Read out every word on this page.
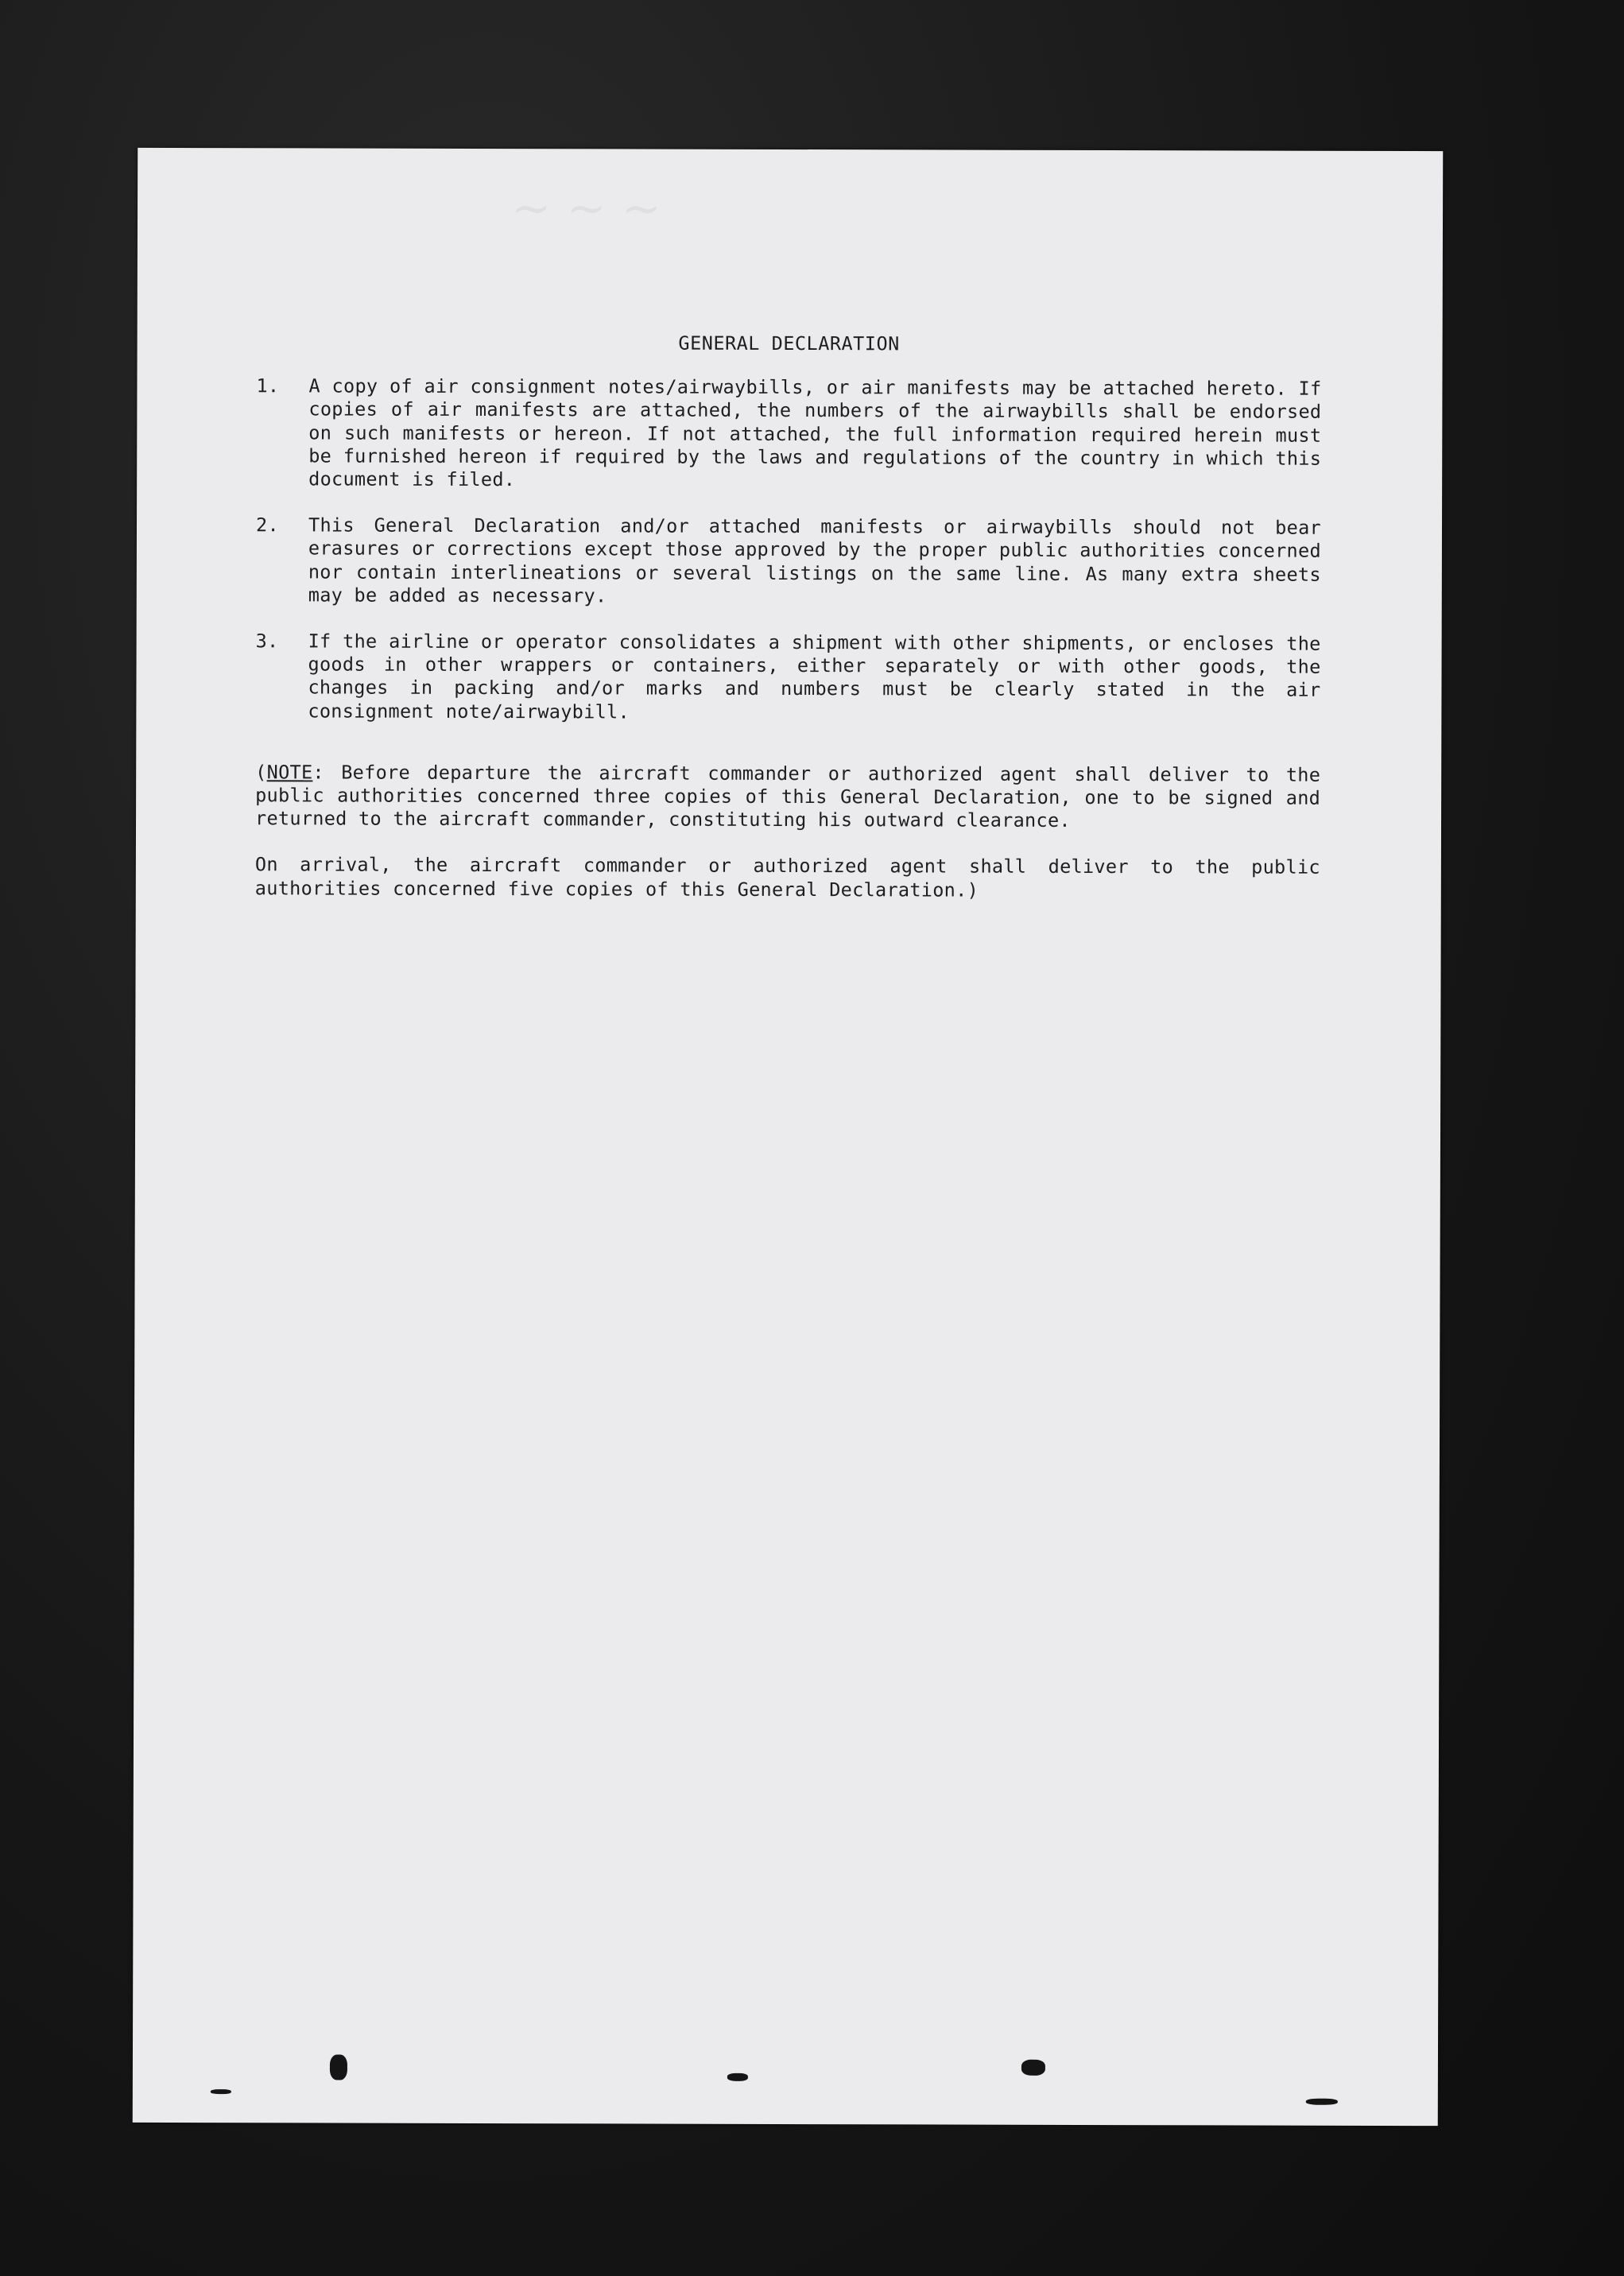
~ ~ ~
GENERAL DECLARATION
1.	A copy of air consignment notes/airwaybills, or air manifests may be attached hereto. If copies of air manifests are attached, the numbers of the airwaybills shall be endorsed on such manifests or hereon. If not attached, the full information required herein must be furnished hereon if required by the laws and regulations of the country in which this document is filed.
2.	This General Declaration and/or attached manifests or airwaybills should not bear erasures or corrections except those approved by the proper public authorities concerned nor contain interlineations or several listings on the same line. As many extra sheets may be added as necessary.
3.	If the airline or operator consolidates a shipment with other shipments, or encloses the goods in other wrappers or containers, either separately or with other goods, the changes in packing and/or marks and numbers must be clearly stated in the air consignment note/airwaybill.
(NOTE: Before departure the aircraft commander or authorized agent shall deliver to the public authorities concerned three copies of this General Declaration, one to be signed and returned to the aircraft commander, constituting his outward clearance.
On arrival, the aircraft commander or authorized agent shall deliver to the public authorities concerned five copies of this General Declaration.)
